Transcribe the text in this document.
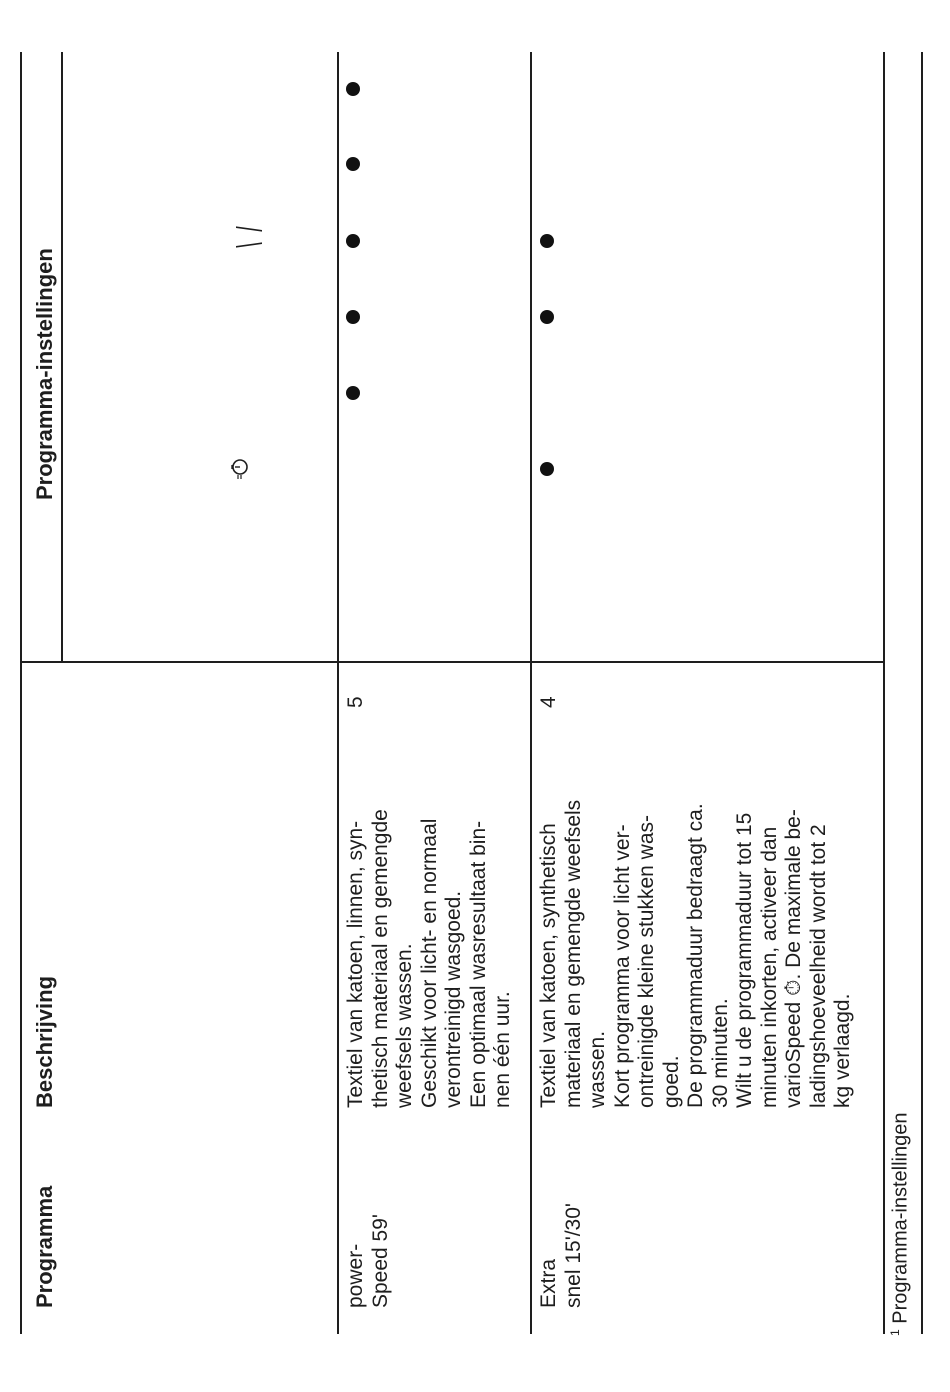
Programma
Beschrijving
Programma-instellingen
power- Speed 59'
Textiel van katoen, linnen, syn- thetisch materiaal en gemengde weefsels wassen. Geschikt voor licht- en normaal verontreinigd wasgoed. Een optimaal wasresultaat bin- nen één uur.
5
Extra snel 15'/30'
Textiel van katoen, synthetisch materiaal en gemengde weefsels wassen. Kort programma voor licht ver- ontreinigde kleine stukken was- goed. De programmaduur bedraagt ca. 30 minuten. Wilt u de programmaduur tot 15 minuten inkorten, activeer dan varioSpeed ⏱. De maximale be- ladingshoeveelheid wordt tot 2 kg verlaagd.
4
$^1$ Programma-instellingen
